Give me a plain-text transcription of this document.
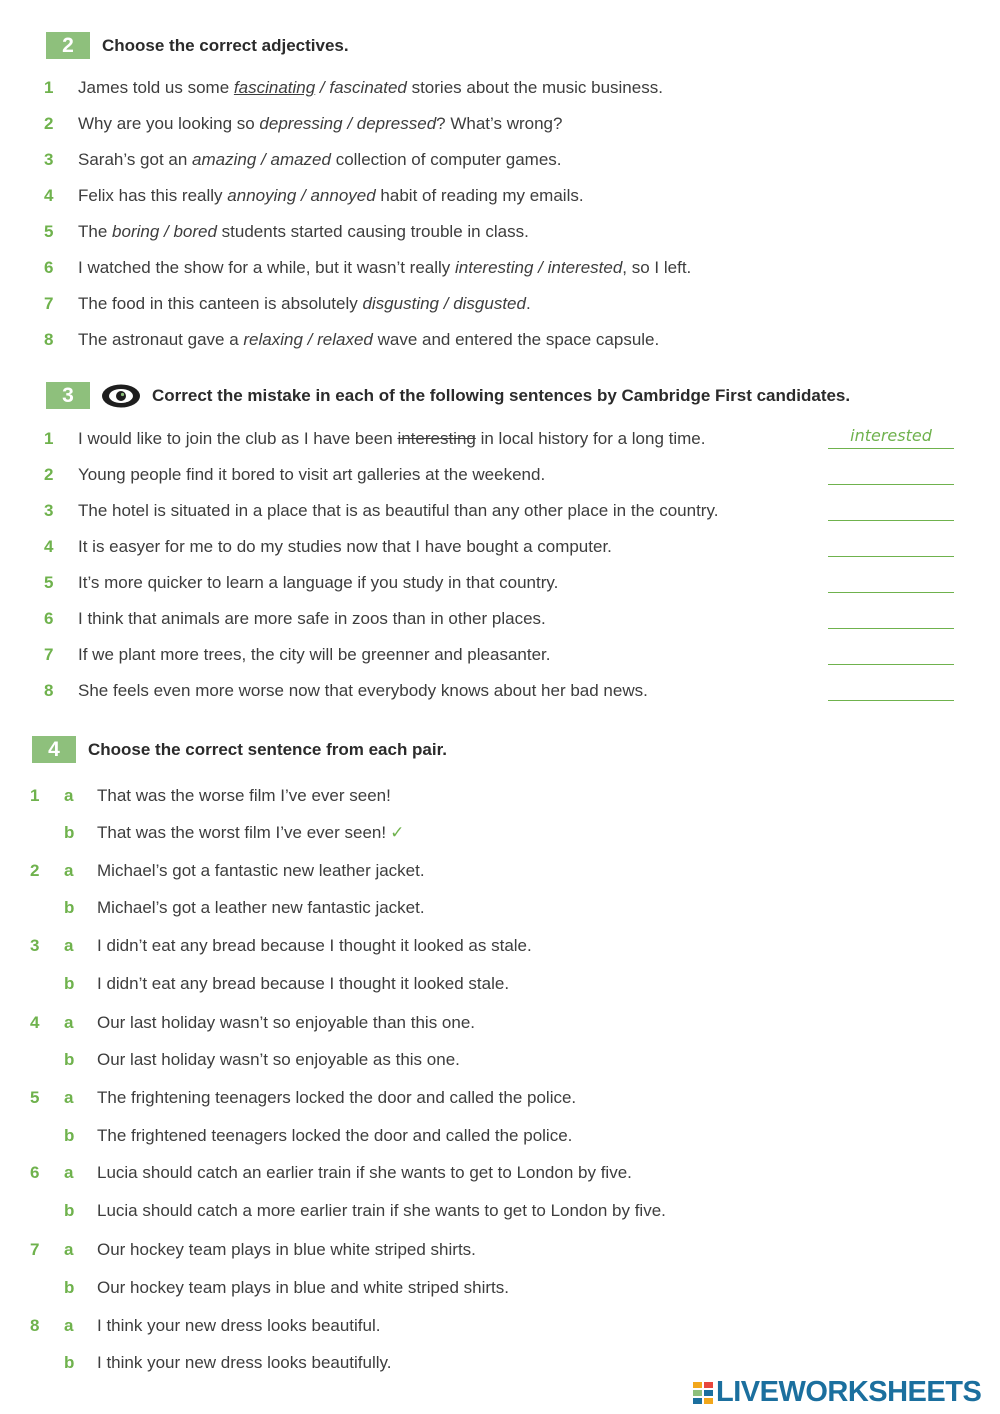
2	Choose the correct adjectives.
1 James told us some fascinating / fascinated stories about the music business.
2 Why are you looking so depressing / depressed? What’s wrong?
3 Sarah’s got an amazing / amazed collection of computer games.
4 Felix has this really annoying / annoyed habit of reading my emails.
5 The boring / bored students started causing trouble in class.
6 I watched the show for a while, but it wasn’t really interesting / interested, so I left.
7 The food in this canteen is absolutely disgusting / disgusted.
8 The astronaut gave a relaxing / relaxed wave and entered the space capsule.
3	Correct the mistake in each of the following sentences by Cambridge First candidates.
1 I would like to join the club as I have been interesting in local history for a long time.	interested
2 Young people find it bored to visit art galleries at the weekend.
3 The hotel is situated in a place that is as beautiful than any other place in the country.
4 It is easyer for me to do my studies now that I have bought a computer.
5 It’s more quicker to learn a language if you study in that country.
6 I think that animals are more safe in zoos than in other places.
7 If we plant more trees, the city will be greenner and pleasanter.
8 She feels even more worse now that everybody knows about her bad news.
4	Choose the correct sentence from each pair.
1 a That was the worse film I’ve ever seen!
b That was the worst film I’ve ever seen! ✓
2 a Michael’s got a fantastic new leather jacket.
b Michael’s got a leather new fantastic jacket.
3 a I didn’t eat any bread because I thought it looked as stale.
b I didn’t eat any bread because I thought it looked stale.
4 a Our last holiday wasn’t so enjoyable than this one.
b Our last holiday wasn’t so enjoyable as this one.
5 a The frightening teenagers locked the door and called the police.
b The frightened teenagers locked the door and called the police.
6 a Lucia should catch an earlier train if she wants to get to London by five.
b Lucia should catch a more earlier train if she wants to get to London by five.
7 a Our hockey team plays in blue white striped shirts.
b Our hockey team plays in blue and white striped shirts.
8 a I think your new dress looks beautiful.
b I think your new dress looks beautifully.
LIVEWORKSHEETS
